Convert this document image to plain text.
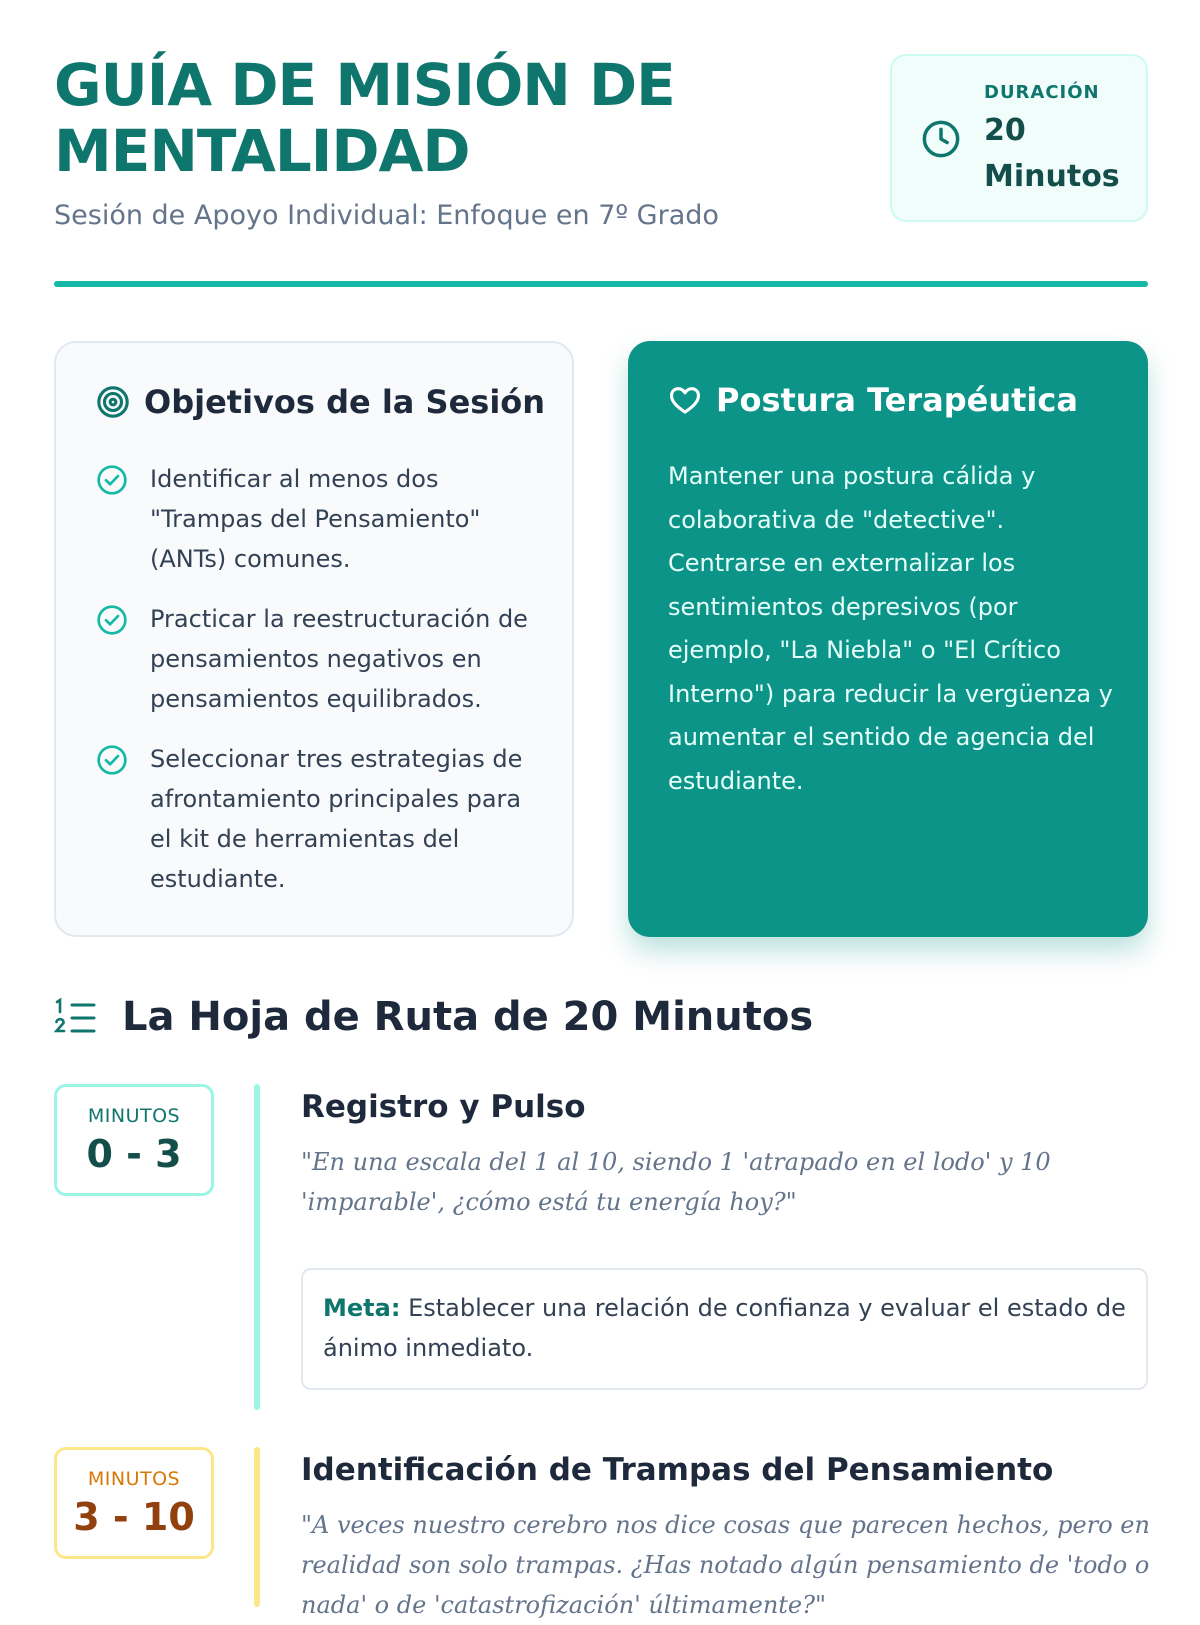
GUÍA DE MISIÓN DE
MENTALIDAD
Sesión de Apoyo Individual: Enfoque en 7º Grado
DURACIÓN
20 Minutos
Objetivos de la Sesión
Identificar al menos dos "Trampas del Pensamiento" (ANTs) comunes.
Practicar la reestructuración de pensamientos negativos en pensamientos equilibrados.
Seleccionar tres estrategias de afrontamiento principales para el kit de herramientas del estudiante.
Postura Terapéutica
Mantener una postura cálida y colaborativa de "detective". Centrarse en externalizar los sentimientos depresivos (por ejemplo, "La Niebla" o "El Crítico Interno") para reducir la vergüenza y aumentar el sentido de agencia del estudiante.
La Hoja de Ruta de 20 Minutos
MINUTOS
0 - 3
Registro y Pulso
"En una escala del 1 al 10, siendo 1 'atrapado en el lodo' y 10 'imparable', ¿cómo está tu energía hoy?"
Meta: Establecer una relación de confianza y evaluar el estado de ánimo inmediato.
MINUTOS
3 - 10
Identificación de Trampas del Pensamiento
"A veces nuestro cerebro nos dice cosas que parecen hechos, pero en realidad son solo trampas. ¿Has notado algún pensamiento de 'todo o nada' o de 'catastrofización' últimamente?"
